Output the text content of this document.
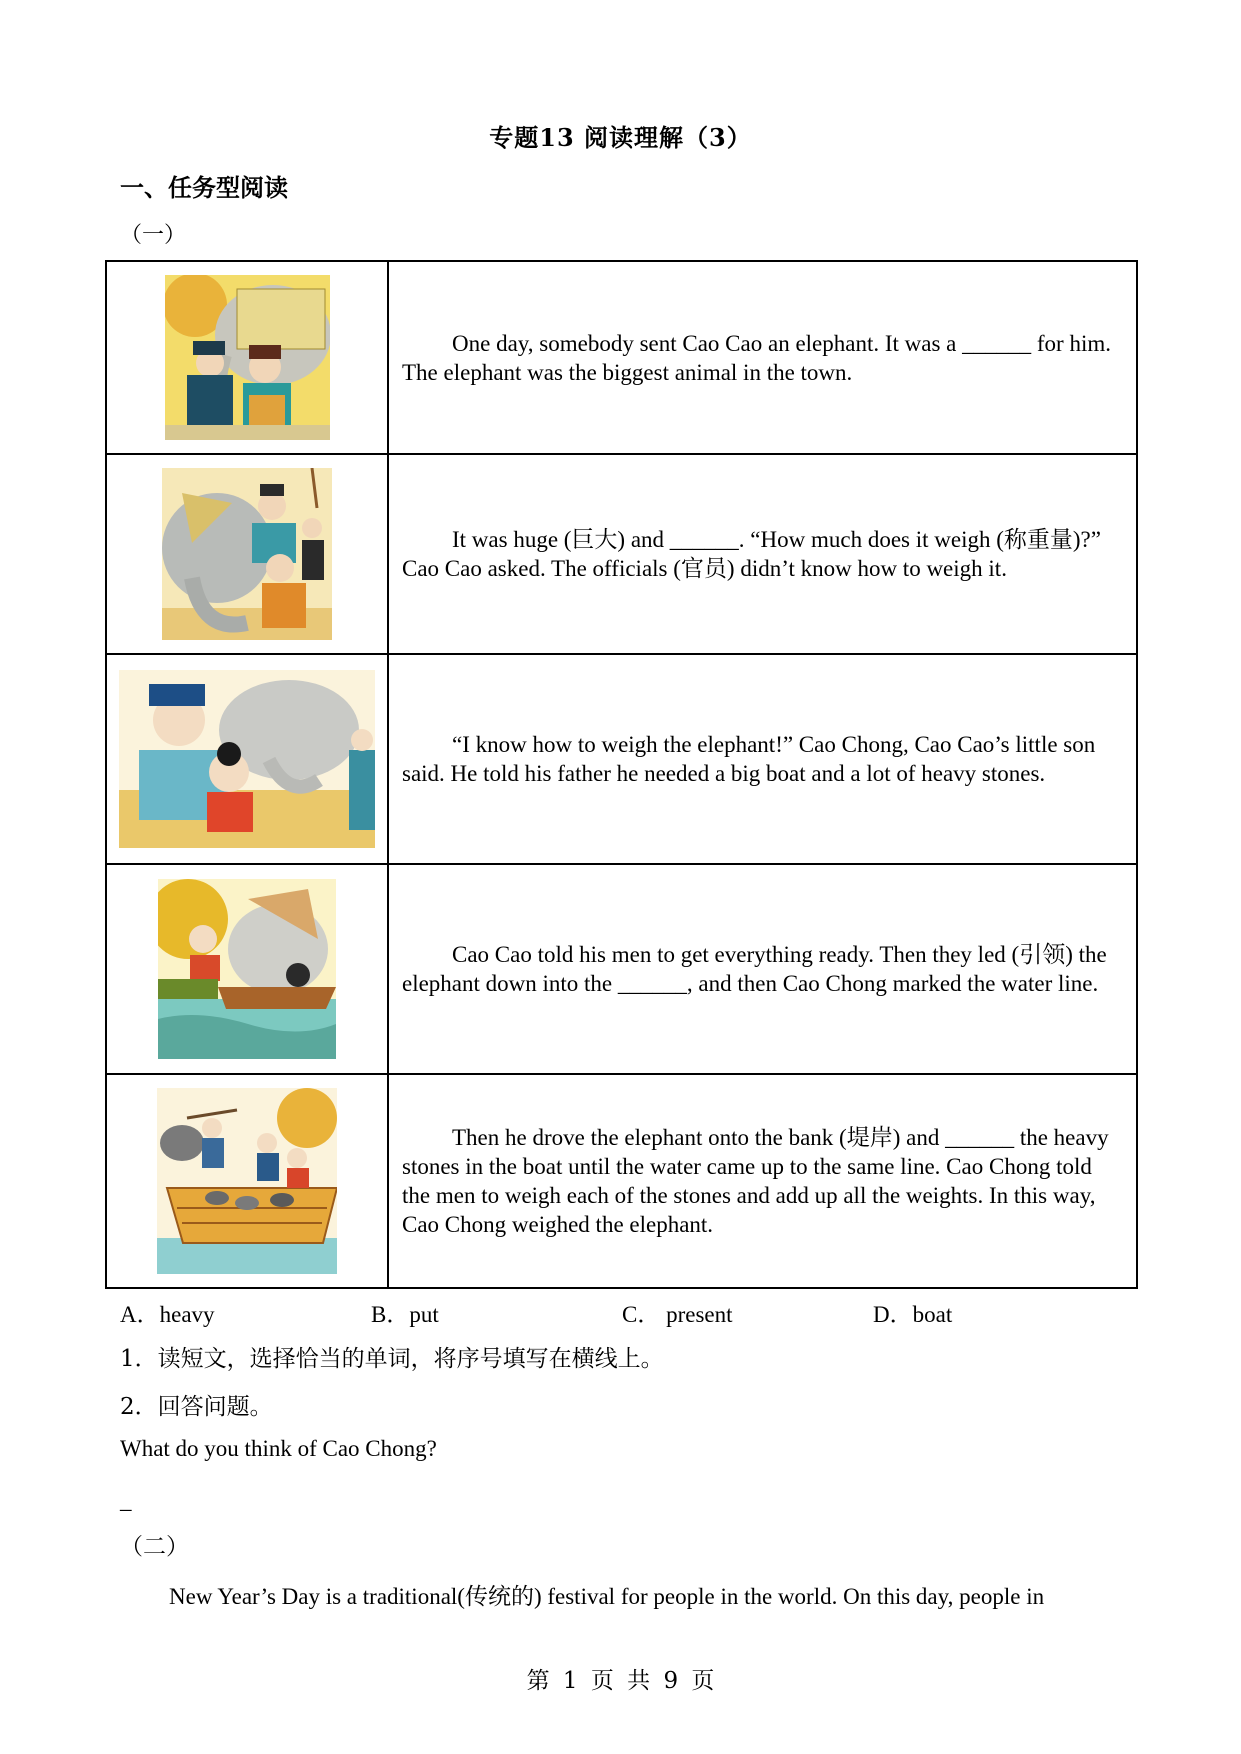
专题13 阅读理解（3）
一、任务型阅读
（一）

One day, somebody sent Cao Cao an elephant. It was a ______ for him. The elephant was the biggest animal in the town.

It was huge (巨大) and ______. “How much does it weigh (称重量)?” Cao Cao asked. The officials (官员) didn’t know how to weigh it.

“I know how to weigh the elephant!” Cao Chong, Cao Cao’s little son said. He told his father he needed a big boat and a lot of heavy stones.

Cao Cao told his men to get everything ready. Then they led (引领) the elephant down into the ______, and then Cao Chong marked the water line.

Then he drove the elephant onto the bank (堤岸) and ______ the heavy stones in the boat until the water came up to the same line. Cao Chong told the men to weigh each of the stones and add up all the weights. In this way, Cao Chong weighed the elephant.

A．heavy	B．put	C． present	D．boat
1．读短文，选择恰当的单词，将序号填写在横线上。
2．回答问题。
What do you think of Cao Chong?
_
（二）
New Year’s Day is a traditional(传统的) festival for people in the world. On this day, people in
第 1 页 共 9 页
